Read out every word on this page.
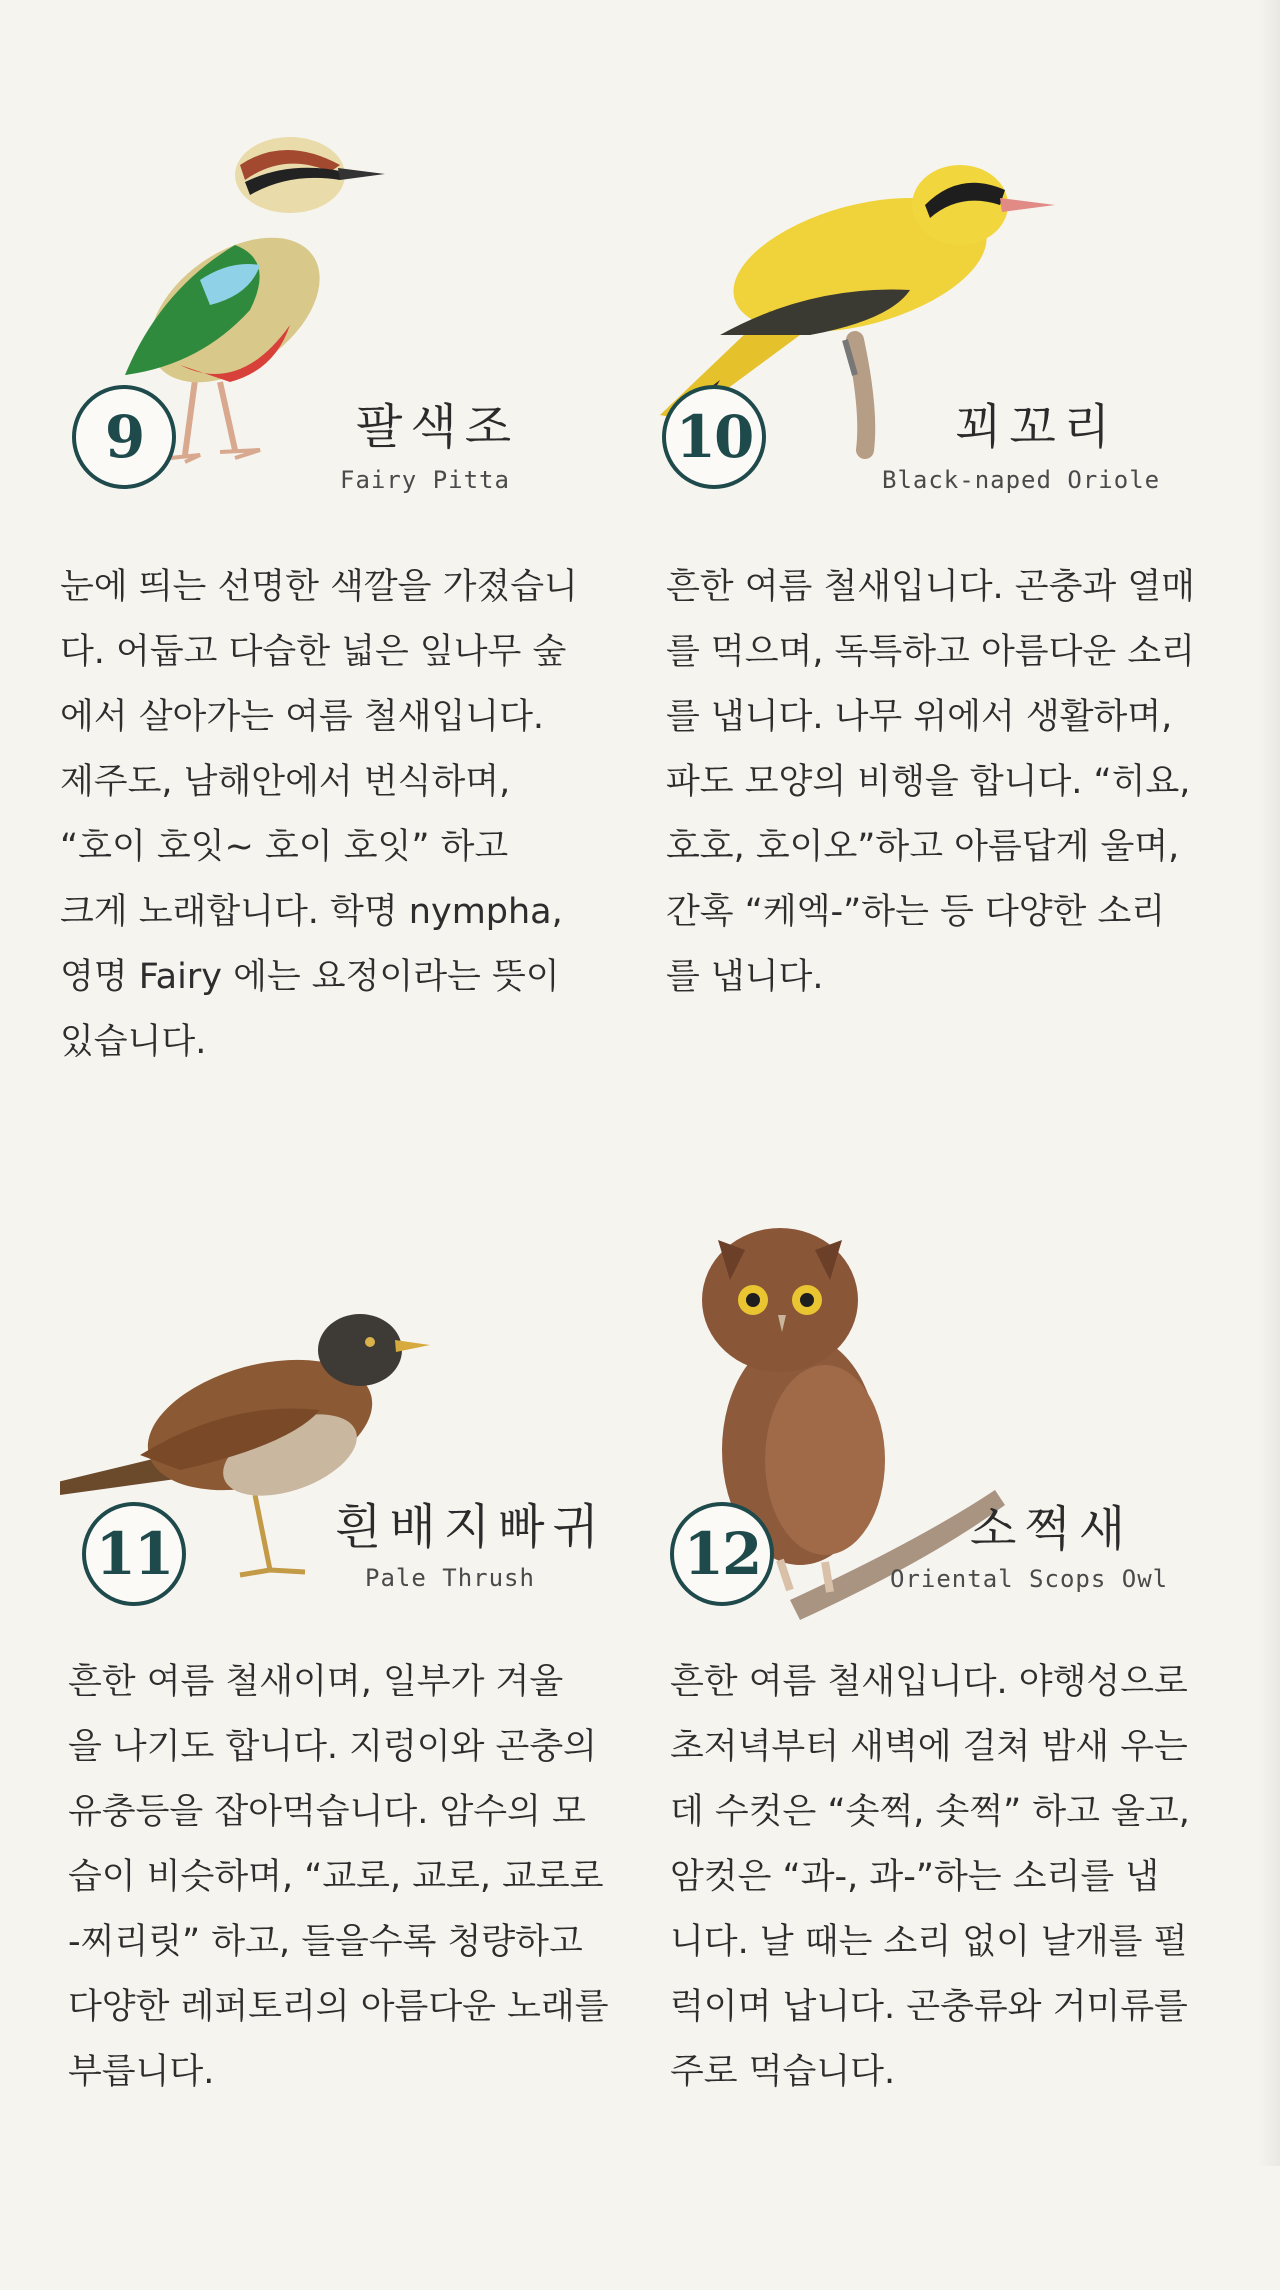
9	팔색조
Fairy Pitta
눈에 띄는 선명한 색깔을 가졌습니
다. 어둡고 다습한 넓은 잎나무 숲
에서 살아가는 여름 철새입니다.
제주도, 남해안에서 번식하며,
“호이 호잇~ 호이 호잇” 하고
크게 노래합니다. 학명 nympha,
영명 Fairy 에는 요정이라는 뜻이
있습니다.
10	꾀꼬리
Black-naped Oriole
흔한 여름 철새입니다. 곤충과 열매
를 먹으며, 독특하고 아름다운 소리
를 냅니다. 나무 위에서 생활하며,
파도 모양의 비행을 합니다. “히요,
호호, 호이오”하고 아름답게 울며,
간혹 “케엑-”하는 등 다양한 소리
를 냅니다.
11	흰배지빠귀
Pale Thrush
흔한 여름 철새이며, 일부가 겨울
을 나기도 합니다. 지렁이와 곤충의
유충등을 잡아먹습니다. 암수의 모
습이 비슷하며, “교로, 교로, 교로로
-찌리릿” 하고, 들을수록 청량하고
다양한 레퍼토리의 아름다운 노래를
부릅니다.
12	소쩍새
Oriental Scops Owl
흔한 여름 철새입니다. 야행성으로
초저녁부터 새벽에 걸쳐 밤새 우는
데 수컷은 “솟쩍, 솟쩍” 하고 울고,
암컷은 “과-, 과-”하는 소리를 냅
니다. 날 때는 소리 없이 날개를 펄
럭이며 납니다. 곤충류와 거미류를
주로 먹습니다.
